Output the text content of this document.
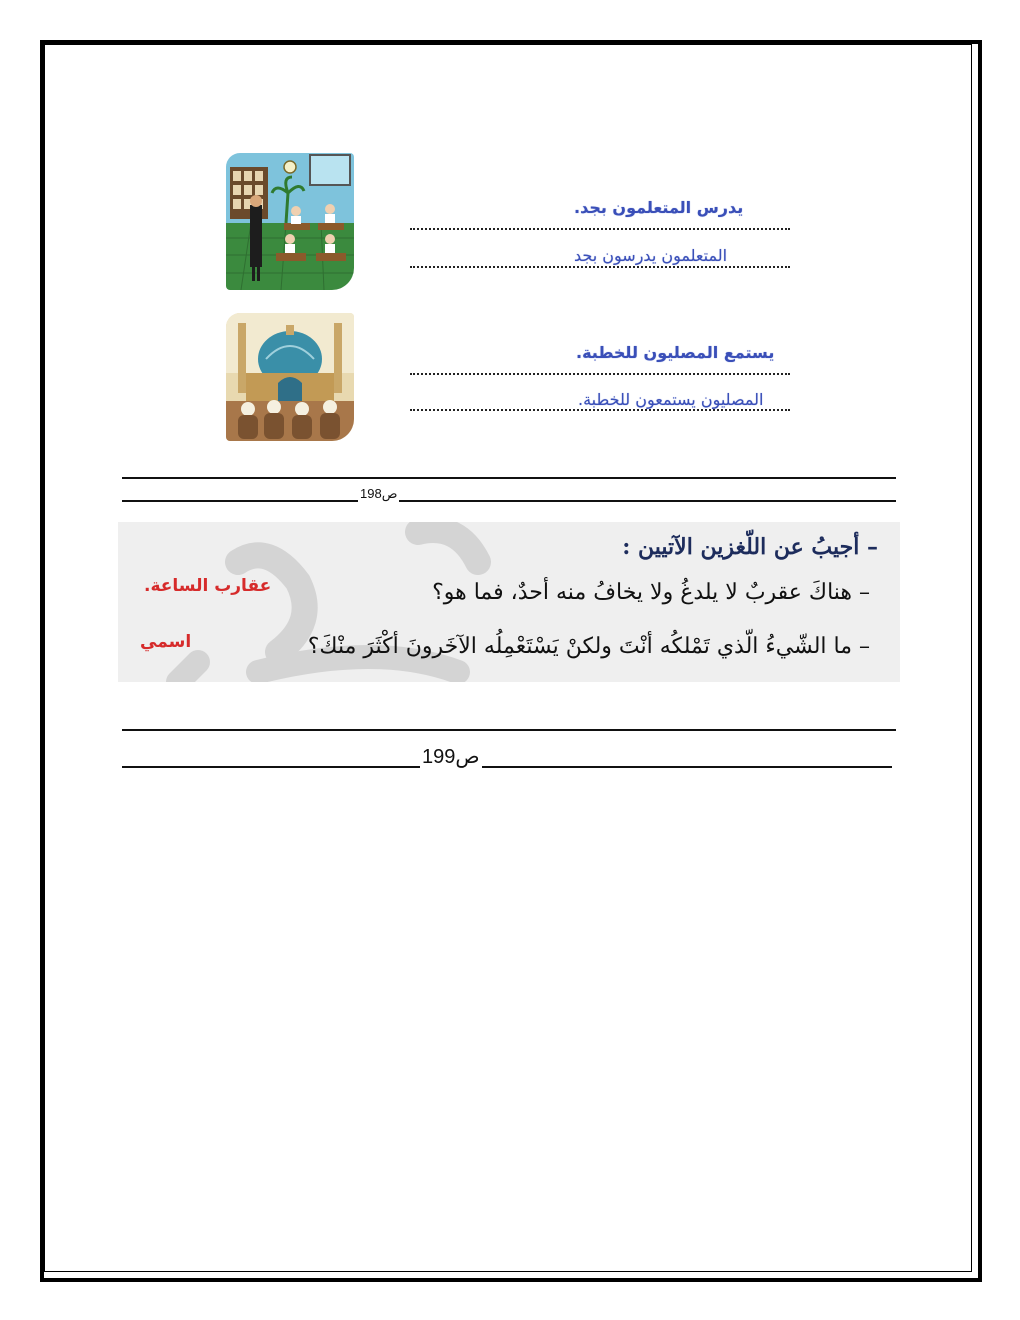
يدرس المتعلمون بجد.
المتعلمون يدرسون بجد
يستمع المصليون للخطبة.
المصليون يستمعون للخطبة.
ص198
– أجيبُ عن اللّغزين الآتيين :
– هناكَ عقربٌ لا يلدغُ ولا يخافُ منه أحدٌ، فما هو؟
– ما الشّيءُ الّذي تَمْلكُه أنْتَ ولكنْ يَسْتَعْمِلُه الآخَرونَ أكْثَرَ منْكَ؟
عقارب الساعة.
اسمي
ص199
